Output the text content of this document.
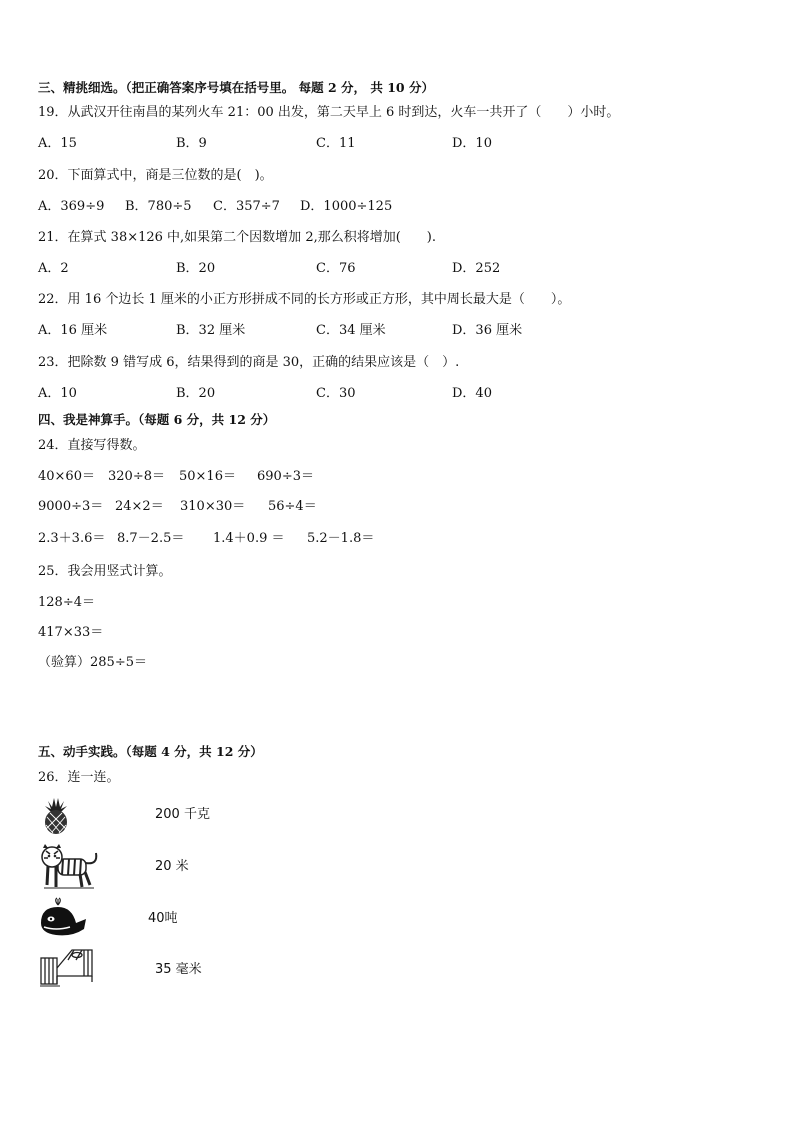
三、精挑细选。（把正确答案序号填在括号里。 每题 2 分， 共 10 分）
19．从武汉开往南昌的某列火车 21：00 出发，第二天早上 6 时到达，火车一共开了（　　）小时。
A．15	B．9	C．11	D．10
20．下面算式中，商是三位数的是(　)。
A．369÷9 B．780÷5 C．357÷7 D．1000÷125
21．在算式 38×126 中,如果第二个因数增加 2,那么积将增加(　　).
A．2	B．20	C．76	D．252
22．用 16 个边长 1 厘米的小正方形拼成不同的长方形或正方形，其中周长最大是（　　）。
A．16 厘米	B．32 厘米	C．34 厘米	D．36 厘米
23．把除数 9 错写成 6，结果得到的商是 30，正确的结果应该是（　）.
A．10	B．20	C．30	D．40
四、我是神算手。（每题 6 分，共 12 分）
24．直接写得数。
40×60＝ 320÷8＝ 50×16＝ 690÷3＝
9000÷3＝ 24×2＝ 310×30＝ 56÷4＝
2.3＋3.6＝ 8.7－2.5＝ 1.4＋0.9 ＝ 5.2－1.8＝
25．我会用竖式计算。
128÷4＝
417×33＝
（验算）285÷5＝
五、动手实践。（每题 4 分，共 12 分）
26．连一连。
200 千克
20 米
40吨
35 毫米
